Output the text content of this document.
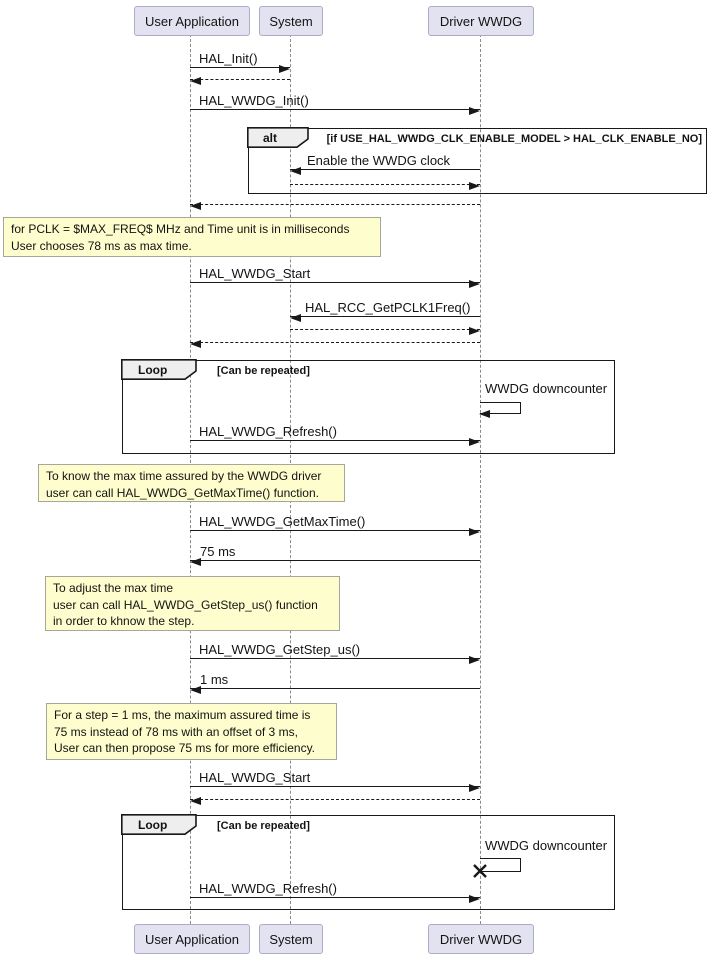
User Application System	Driver WWDG
HAL_Init()
HAL_WWDG_Init()
alt	[if USE_HAL_WWDG_CLK_ENABLE_MODEL > HAL_CLK_ENABLE_NO]
Enable the WWDG clock
for PCLK = $MAX_FREQ$ MHz and Time unit is in milliseconds
User chooses 78 ms as max time.
HAL_WWDG_Start
HAL_RCC_GetPCLK1Freq()
Loop	[Can be repeated]
WWDG downcounter
HAL_WWDG_Refresh()
To know the max time assured by the WWDG driver
user can call HAL_WWDG_GetMaxTime() function.
HAL_WWDG_GetMaxTime()
75 ms
To adjust the max time
user can call HAL_WWDG_GetStep_us() function
in order to khnow the step.
HAL_WWDG_GetStep_us()
1 ms
For a step = 1 ms, the maximum assured time is
75 ms instead of 78 ms with an offset of 3 ms,
User can then propose 75 ms for more efficiency.
HAL_WWDG_Start
Loop	[Can be repeated]
WWDG downcounter
HAL_WWDG_Refresh()
User Application System	Driver WWDG
